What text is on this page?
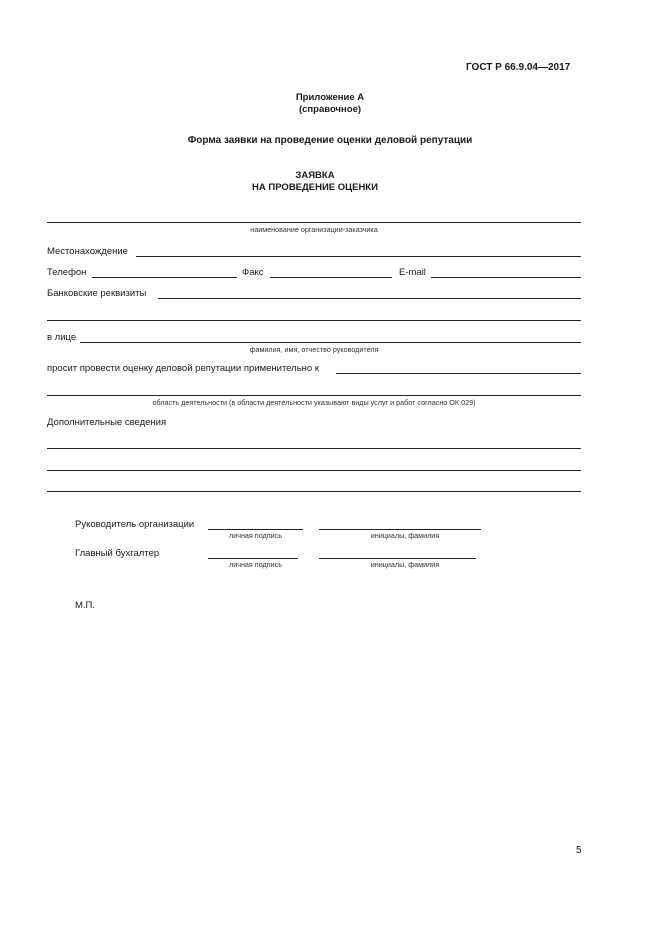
ГОСТ Р 66.9.04—2017
Приложение А
(справочное)
Форма заявки на проведение оценки деловой репутации
ЗАЯВКА
НА ПРОВЕДЕНИЕ ОЦЕНКИ
наименование организации-заказчика
Местонахождение
Телефон	Факс	E-mail
Банковские реквизиты
в лице
фамилия, имя, отчество руководителя
просит провести оценку деловой репутации применительно к
область деятельности (в области деятельности указывают виды услуг и работ согласно ОК 029)
Дополнительные сведения
Руководитель организации
личная подпись	инициалы, фамилия
Главный бухгалтер
личная подпись	инициалы, фамилия
М.П.
5
